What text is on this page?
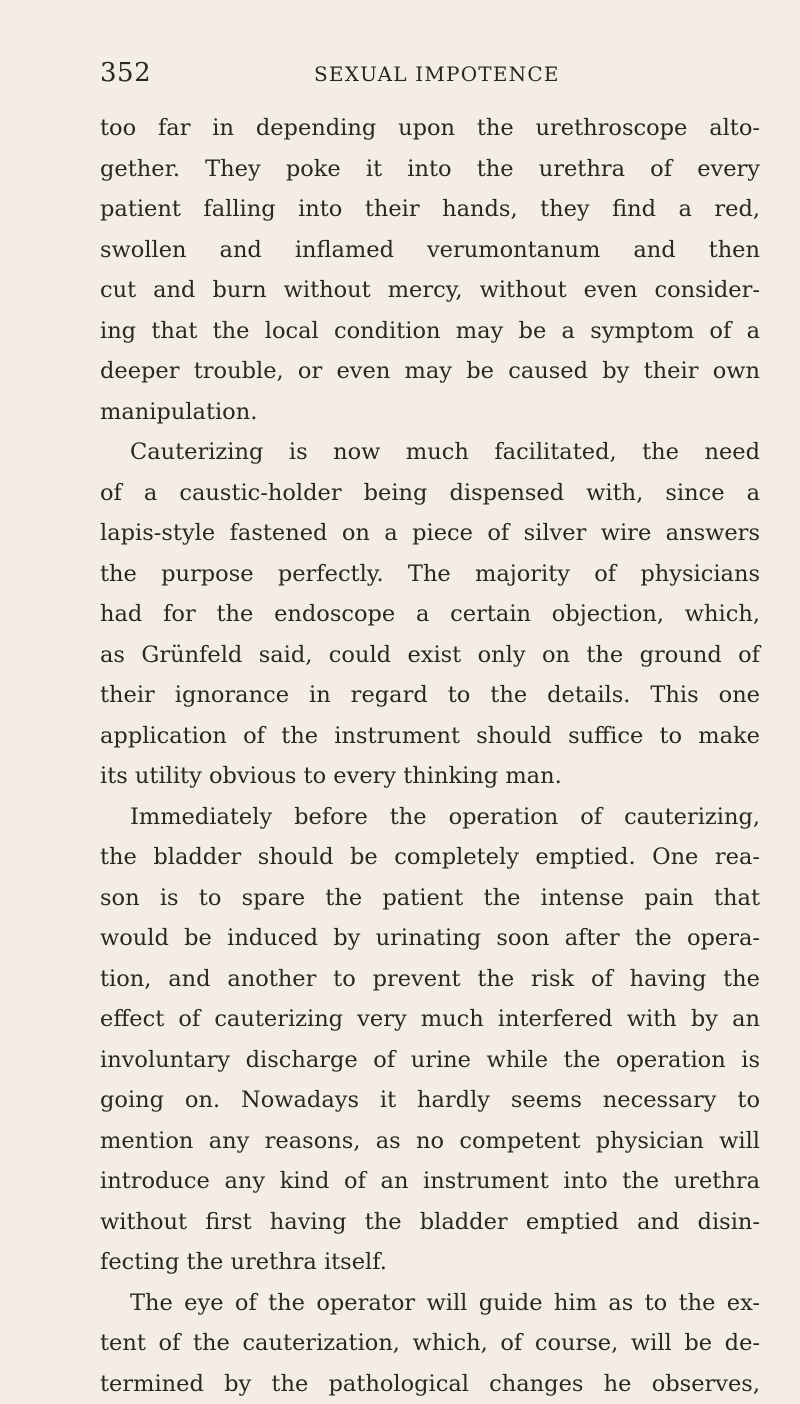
352	SEXUAL IMPOTENCE
too far in depending upon the urethroscope alto-
gether. They poke it into the urethra of every
patient falling into their hands, they find a red,
swollen and inflamed verumontanum and then
cut and burn without mercy, without even consider-
ing that the local condition may be a symptom of a
deeper trouble, or even may be caused by their own
manipulation.
Cauterizing is now much facilitated, the need
of a caustic-holder being dispensed with, since a
lapis-style fastened on a piece of silver wire answers
the purpose perfectly. The majority of physicians
had for the endoscope a certain objection, which,
as Grünfeld said, could exist only on the ground of
their ignorance in regard to the details. This one
application of the instrument should suffice to make
its utility obvious to every thinking man.
Immediately before the operation of cauterizing,
the bladder should be completely emptied. One rea-
son is to spare the patient the intense pain that
would be induced by urinating soon after the opera-
tion, and another to prevent the risk of having the
effect of cauterizing very much interfered with by an
involuntary discharge of urine while the operation is
going on. Nowadays it hardly seems necessary to
mention any reasons, as no competent physician will
introduce any kind of an instrument into the urethra
without first having the bladder emptied and disin-
fecting the urethra itself.
The eye of the operator will guide him as to the ex-
tent of the cauterization, which, of course, will be de-
termined by the pathological changes he observes,
